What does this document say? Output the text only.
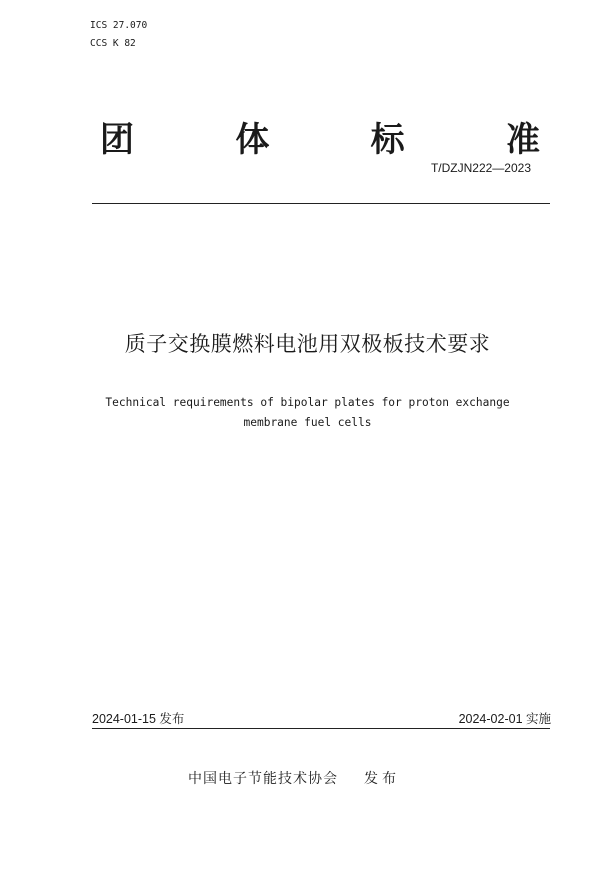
ICS 27.070
CCS K 82
团	体	标	准
T/DZJN222—2023
质子交换膜燃料电池用双极板技术要求
Technical requirements of bipolar plates for proton exchange
membrane fuel cells
2024-01-15 发布	2024-02-01 实施
中国电子节能技术协会 发布
